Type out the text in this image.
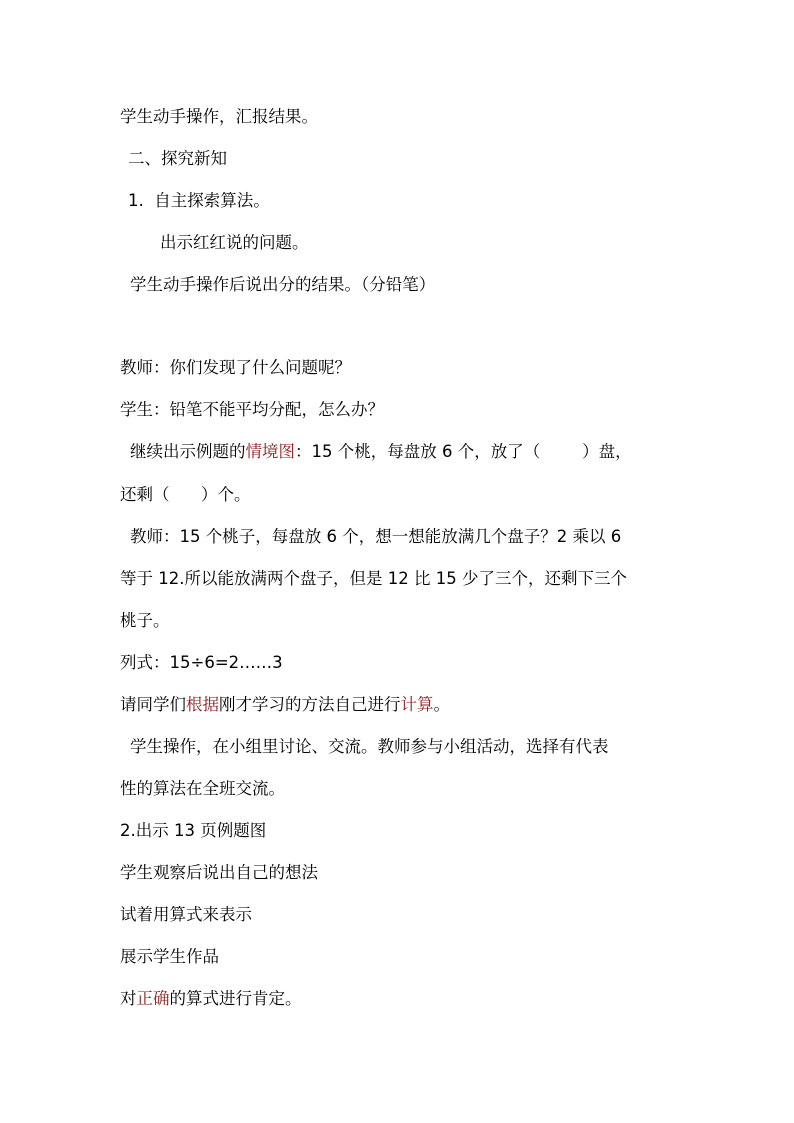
学生动手操作，汇报结果。
二、探究新知
1.  自主探索算法。
出示红红说的问题。
学生动手操作后说出分的结果。（分铅笔）
教师：你们发现了什么问题呢？
学生：铅笔不能平均分配，怎么办？
继续出示例题的情境图：15 个桃，每盘放 6 个，放了（        ）盘，
还剩（      ）个。
教师：15 个桃子，每盘放 6 个，想一想能放满几个盘子？2 乘以 6
等于 12.所以能放满两个盘子，但是 12 比 15 少了三个，还剩下三个
桃子。
列式：15÷6=2……3
请同学们根据刚才学习的方法自己进行计算。
学生操作，在小组里讨论、交流。教师参与小组活动，选择有代表
性的算法在全班交流。
2.出示 13 页例题图
学生观察后说出自己的想法
试着用算式来表示
展示学生作品
对正确的算式进行肯定。
